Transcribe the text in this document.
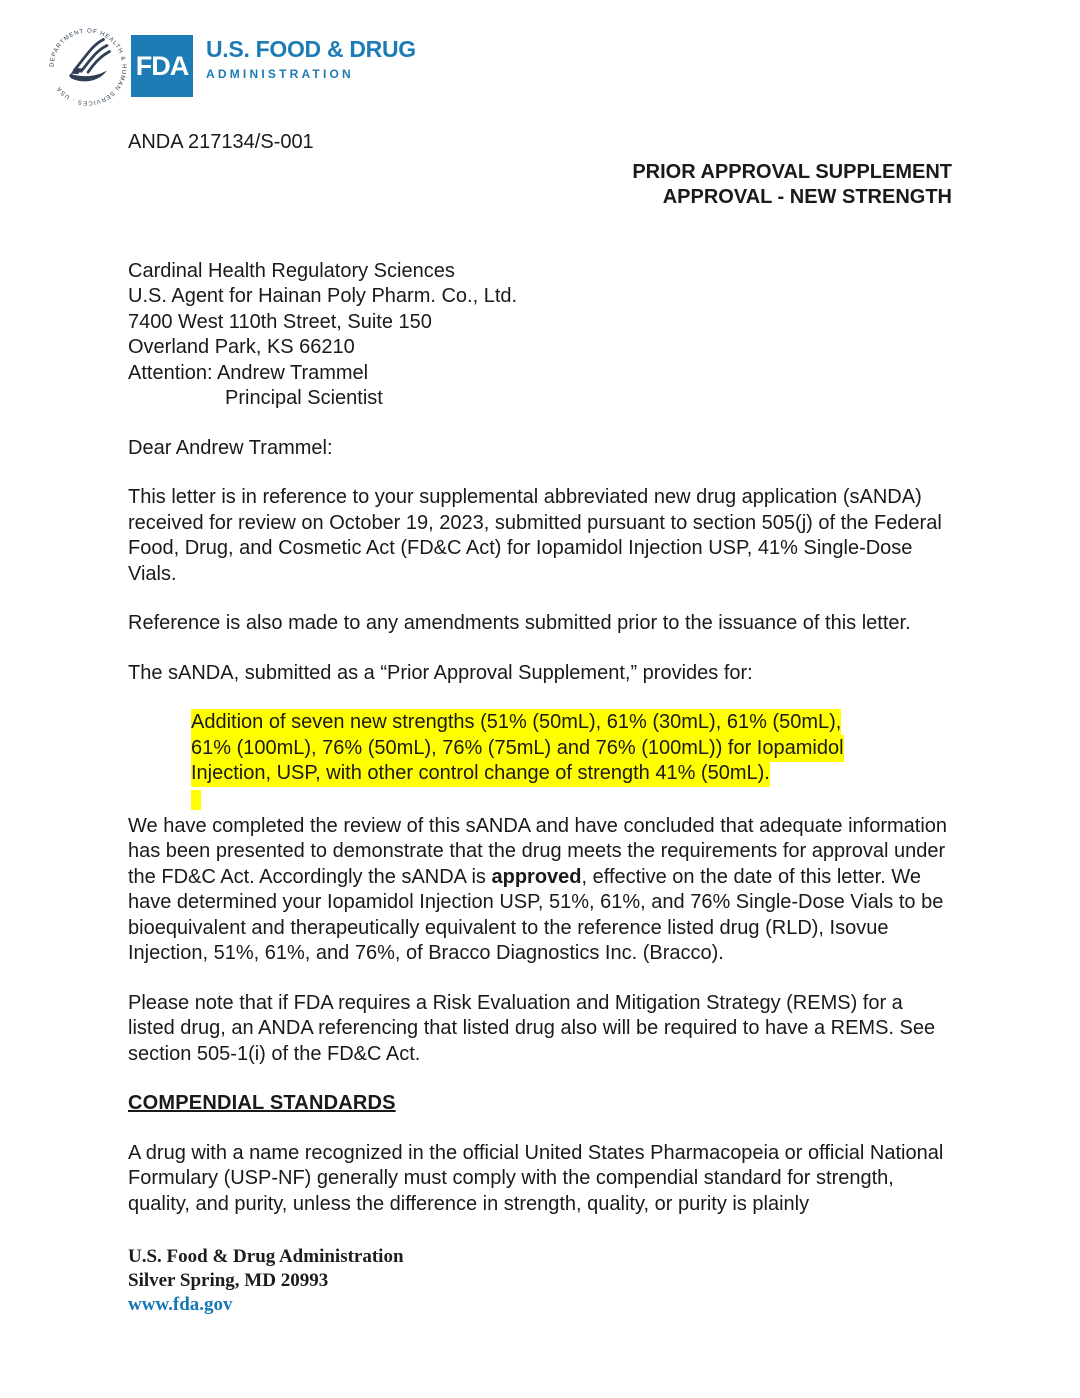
DEPARTMENT OF HEALTH & HUMAN SERVICES · USA
FDA
U.S. FOOD & DRUG
ADMINISTRATION
ANDA 217134/S-001
PRIOR APPROVAL SUPPLEMENT
APPROVAL - NEW STRENGTH
Cardinal Health Regulatory Sciences
U.S. Agent for Hainan Poly Pharm. Co., Ltd.
7400 West 110th Street, Suite 150
Overland Park, KS 66210
Attention: Andrew Trammel
Principal Scientist

Dear Andrew Trammel:

This letter is in reference to your supplemental abbreviated new drug application (sANDA) received for review on October 19, 2023, submitted pursuant to section 505(j) of the Federal Food, Drug, and Cosmetic Act (FD&C Act) for Iopamidol Injection USP, 41% Single-Dose Vials.

Reference is also made to any amendments submitted prior to the issuance of this letter.

The sANDA, submitted as a “Prior Approval Supplement,” provides for:

Addition of seven new strengths (51% (50mL), 61% (30mL), 61% (50mL), 61% (100mL), 76% (50mL), 76% (75mL) and 76% (100mL)) for Iopamidol Injection, USP, with other control change of strength 41% (50mL).

We have completed the review of this sANDA and have concluded that adequate information has been presented to demonstrate that the drug meets the requirements for approval under the FD&C Act. Accordingly the sANDA is approved, effective on the date of this letter. We have determined your Iopamidol Injection USP, 51%, 61%, and 76% Single-Dose Vials to be bioequivalent and therapeutically equivalent to the reference listed drug (RLD), Isovue Injection, 51%, 61%, and 76%, of Bracco Diagnostics Inc. (Bracco).

Please note that if FDA requires a Risk Evaluation and Mitigation Strategy (REMS) for a listed drug, an ANDA referencing that listed drug also will be required to have a REMS. See section 505-1(i) of the FD&C Act.

COMPENDIAL STANDARDS

A drug with a name recognized in the official United States Pharmacopeia or official National Formulary (USP-NF) generally must comply with the compendial standard for strength, quality, and purity, unless the difference in strength, quality, or purity is plainly

U.S. Food & Drug Administration
Silver Spring, MD 20993
www.fda.gov
